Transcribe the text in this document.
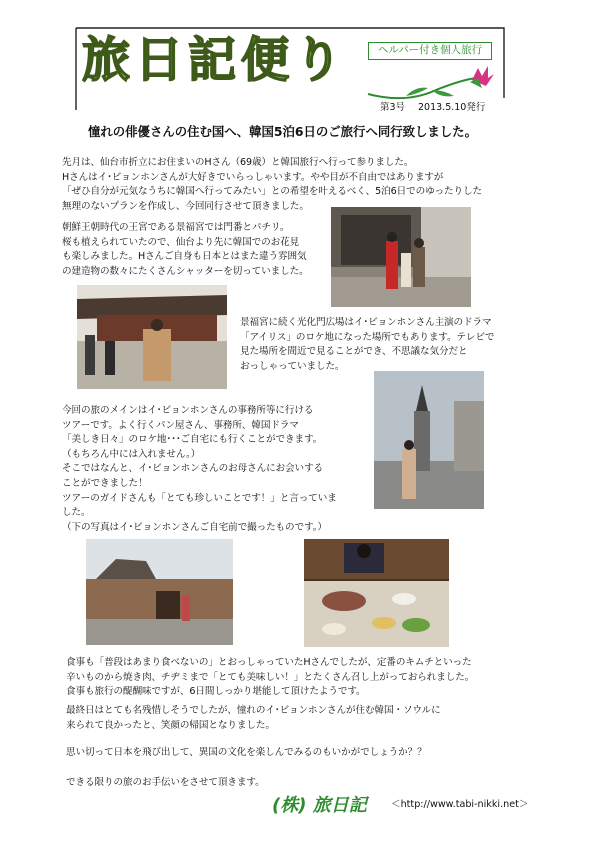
旅日記便り	ヘルパー付き個人旅行
第3号 2013.5.10発行
憧れの俳優さんの住む国へ、韓国5泊6日のご旅行へ同行致しました。
先月は、仙台市折立にお住まいのHさん（69歳）と韓国旅行へ行って参りました。
Hさんはイ･ビョンホンさんが大好きでいらっしゃいます。やや目が不自由ではありますが
「ぜひ自分が元気なうちに韓国へ行ってみたい」との希望を叶えるべく、5泊6日でのゆったりした
無理のないプランを作成し、今回同行させて頂きました。
朝鮮王朝時代の王宮である景福宮では門番とパチリ。
桜も植えられていたので、仙台より先に韓国でのお花見
も楽しみました。Hさんご自身も日本とはまた違う雰囲気
の建造物の数々にたくさんシャッターを切っていました。
景福宮に続く光化門広場はイ･ビョンホンさん主演のドラマ
「アイリス」のロケ地になった場所でもあります。テレビで
見た場所を間近で見ることができ、不思議な気分だと
おっしゃっていました。
今回の旅のメインはイ･ビョンホンさんの事務所等に行ける
ツアーです。よく行くパン屋さん、事務所、韓国ドラマ
「美しき日々」のロケ地･･･ご自宅にも行くことができます。
（もちろん中には入れません。）
そこではなんと、イ･ビョンホンさんのお母さんにお会いする
ことができました！
ツアーのガイドさんも「とても珍しいことです！」と言っていま
した。
（下の写真はイ･ビョンホンさんご自宅前で撮ったものです。）
食事も「普段はあまり食べないの」とおっしゃっていたHさんでしたが、定番のキムチといった
辛いものから焼き肉、チヂミまで「とても美味しい！」とたくさん召し上がっておられました。
食事も旅行の醍醐味ですが、6日間しっかり堪能して頂けたようです。
最終日はとても名残惜しそうでしたが、憧れのイ･ビョンホンさんが住む韓国・ソウルに
来られて良かったと、笑顔の帰国となりました。
思い切って日本を飛び出して、異国の文化を楽しんでみるのもいかがでしょうか？？
できる限りの旅のお手伝いをさせて頂きます。
(株) 旅日記	＜http://www.tabi-nikki.net＞
